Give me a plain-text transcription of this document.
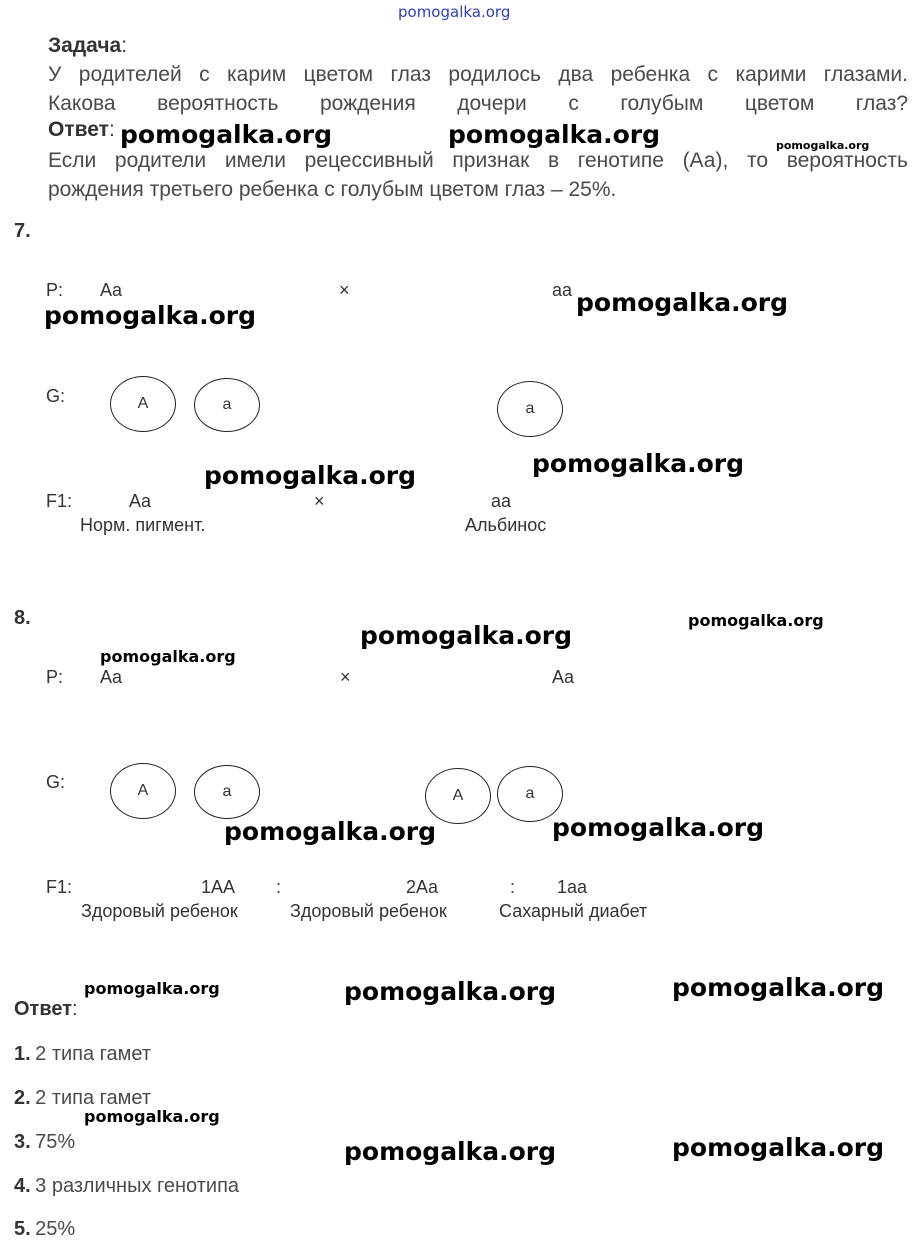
pomogalka.org
Задача:
У родителей с карим цветом глаз родилось два ребенка с карими глазами.
Какова вероятность рождения дочери с голубым цветом глаз?
Ответ:
Если родители имели рецессивный признак в генотипе (Аа), то вероятность
рождения третьего ребенка с голубым цветом глаз – 25%.
7.
P: Aa	×	aa
G:	A	a	a
F1:	Aa	×	aa
Норм. пигмент.	Альбинос
8.
P: Aa	×	Aa
G:	A	a	A	a
F1:	1AA :	2Aa	: 1aa
Здоровый ребенок	Здоровый ребенок	Сахарный диабет
Ответ:
1. 2 типа гамет
2. 2 типа гамет
3. 75%
4. 3 различных генотипа
5. 25%
pomogalka.org	pomogalka.org	pomogalka.org
pomogalka.org
pomogalka.org
pomogalka.org
pomogalka.org
pomogalka.org
pomogalka.org
pomogalka.org
pomogalka.org
pomogalka.org
pomogalka.org	pomogalka.org
pomogalka.org
pomogalka.org
pomogalka.org
pomogalka.org
